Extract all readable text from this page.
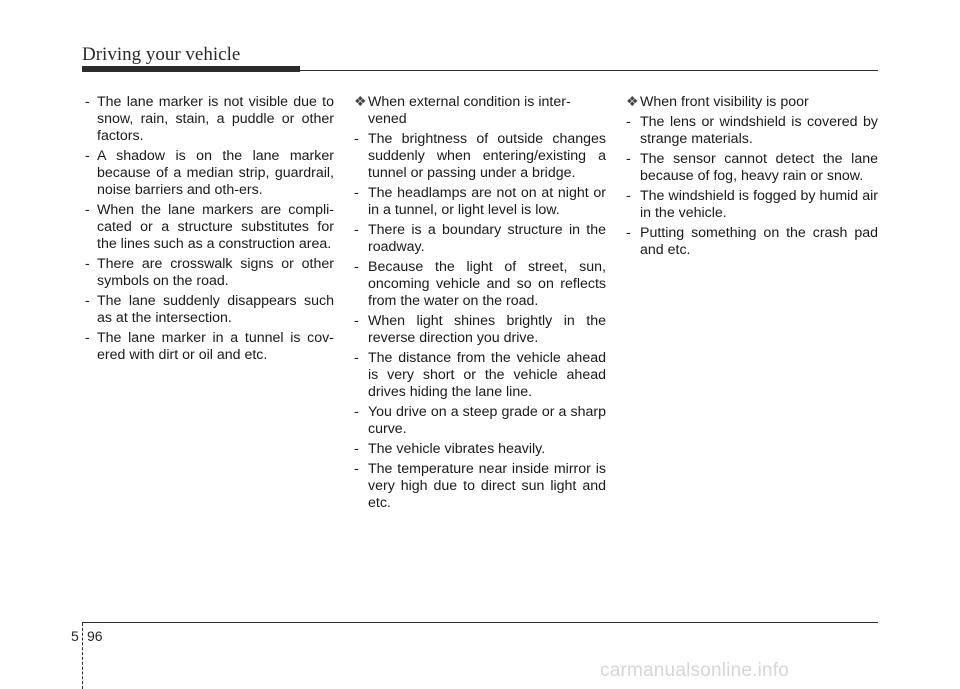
Driving your vehicle
- The lane marker is not visible due to snow, rain, stain, a puddle or other factors.
- A shadow is on the lane marker because of a median strip, guardrail, noise barriers and oth-ers.
- When the lane markers are compli-cated or a structure substitutes for the lines such as a construction area.
- There are crosswalk signs or other symbols on the road.
- The lane suddenly disappears such as at the intersection.
- The lane marker in a tunnel is cov-ered with dirt or oil and etc.
❖ When external condition is inter-vened
- The brightness of outside changes suddenly when entering/existing a tunnel or passing under a bridge.
- The headlamps are not on at night or in a tunnel, or light level is low.
- There is a boundary structure in the roadway.
- Because the light of street, sun, oncoming vehicle and so on reflects from the water on the road.
- When light shines brightly in the reverse direction you drive.
- The distance from the vehicle ahead is very short or the vehicle ahead drives hiding the lane line.
- You drive on a steep grade or a sharp curve.
- The vehicle vibrates heavily.
- The temperature near inside mirror is very high due to direct sun light and etc.
❖ When front visibility is poor
- The lens or windshield is covered by strange materials.
- The sensor cannot detect the lane because of fog, heavy rain or snow.
- The windshield is fogged by humid air in the vehicle.
- Putting something on the crash pad and etc.
5 96
carmanualsonline.info
